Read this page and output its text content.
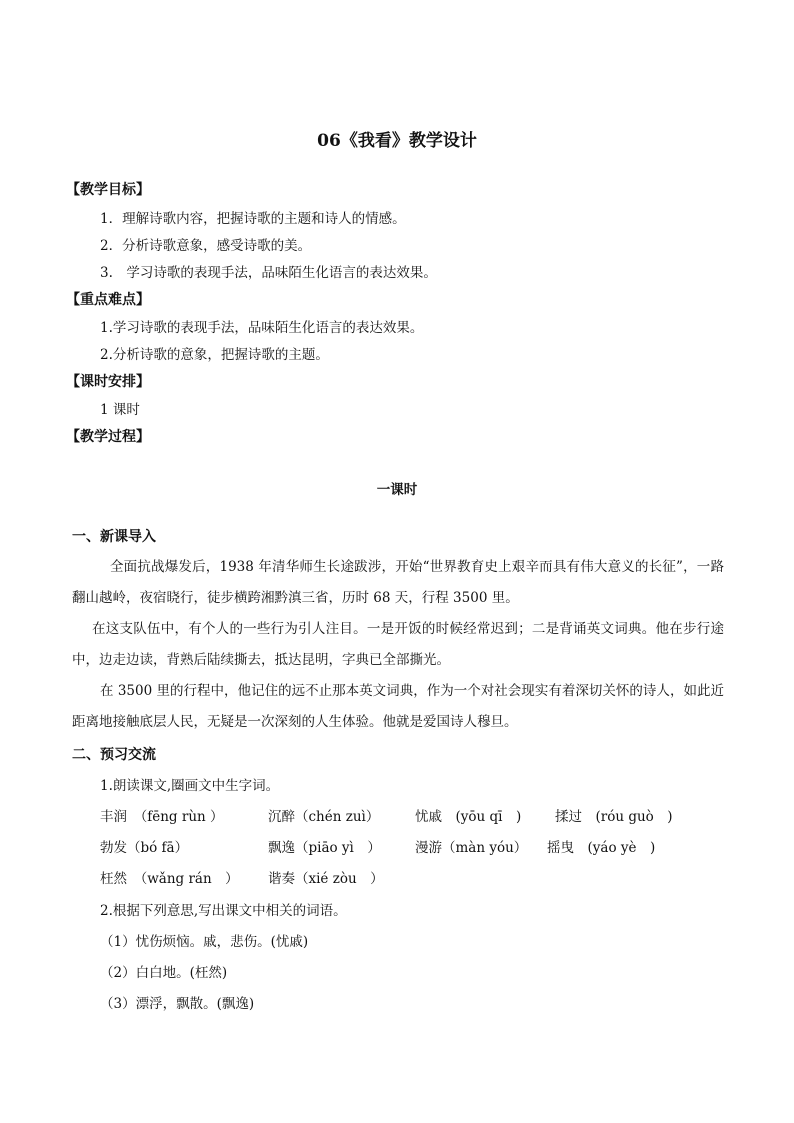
06《我看》教学设计
【教学目标】
1．理解诗歌内容，把握诗歌的主题和诗人的情感。
2．分析诗歌意象，感受诗歌的美。
3.　学习诗歌的表现手法，品味陌生化语言的表达效果。
【重点难点】
1.学习诗歌的表现手法，品味陌生化语言的表达效果。
2.分析诗歌的意象，把握诗歌的主题。
【课时安排】
1 课时
【教学过程】
一课时
一、新课导入
全面抗战爆发后，1938 年清华师生长途跋涉，开始“世界教育史上艰辛而具有伟大意义的长征”，一路翻山越岭，夜宿晓行，徒步横跨湘黔滇三省，历时 68 天，行程 3500 里。
在这支队伍中，有个人的一些行为引人注目。一是开饭的时候经常迟到；二是背诵英文词典。他在步行途中，边走边读，背熟后陆续撕去，抵达昆明，字典已全部撕光。
在 3500 里的行程中，他记住的远不止那本英文词典，作为一个对社会现实有着深切关怀的诗人，如此近距离地接触底层人民，无疑是一次深刻的人生体验。他就是爱国诗人穆旦。
二、预习交流
1.朗读课文,圈画文中生字词。
丰润　（fēng rùn ）	沉醉（chén zuì）	忧戚　(yōu qī　)	揉过　(róu guò　)
勃发（bó fā）	飘逸（piāo yì　）	漫游（màn yóu） 摇曳　(yáo yè　)
枉然　（wǎng rán　） 谐奏（xié zòu　）
2.根据下列意思,写出课文中相关的词语。
（1）忧伤烦恼。戚，悲伤。(忧戚)
（2）白白地。(枉然)
（3）漂浮，飘散。(飘逸)
